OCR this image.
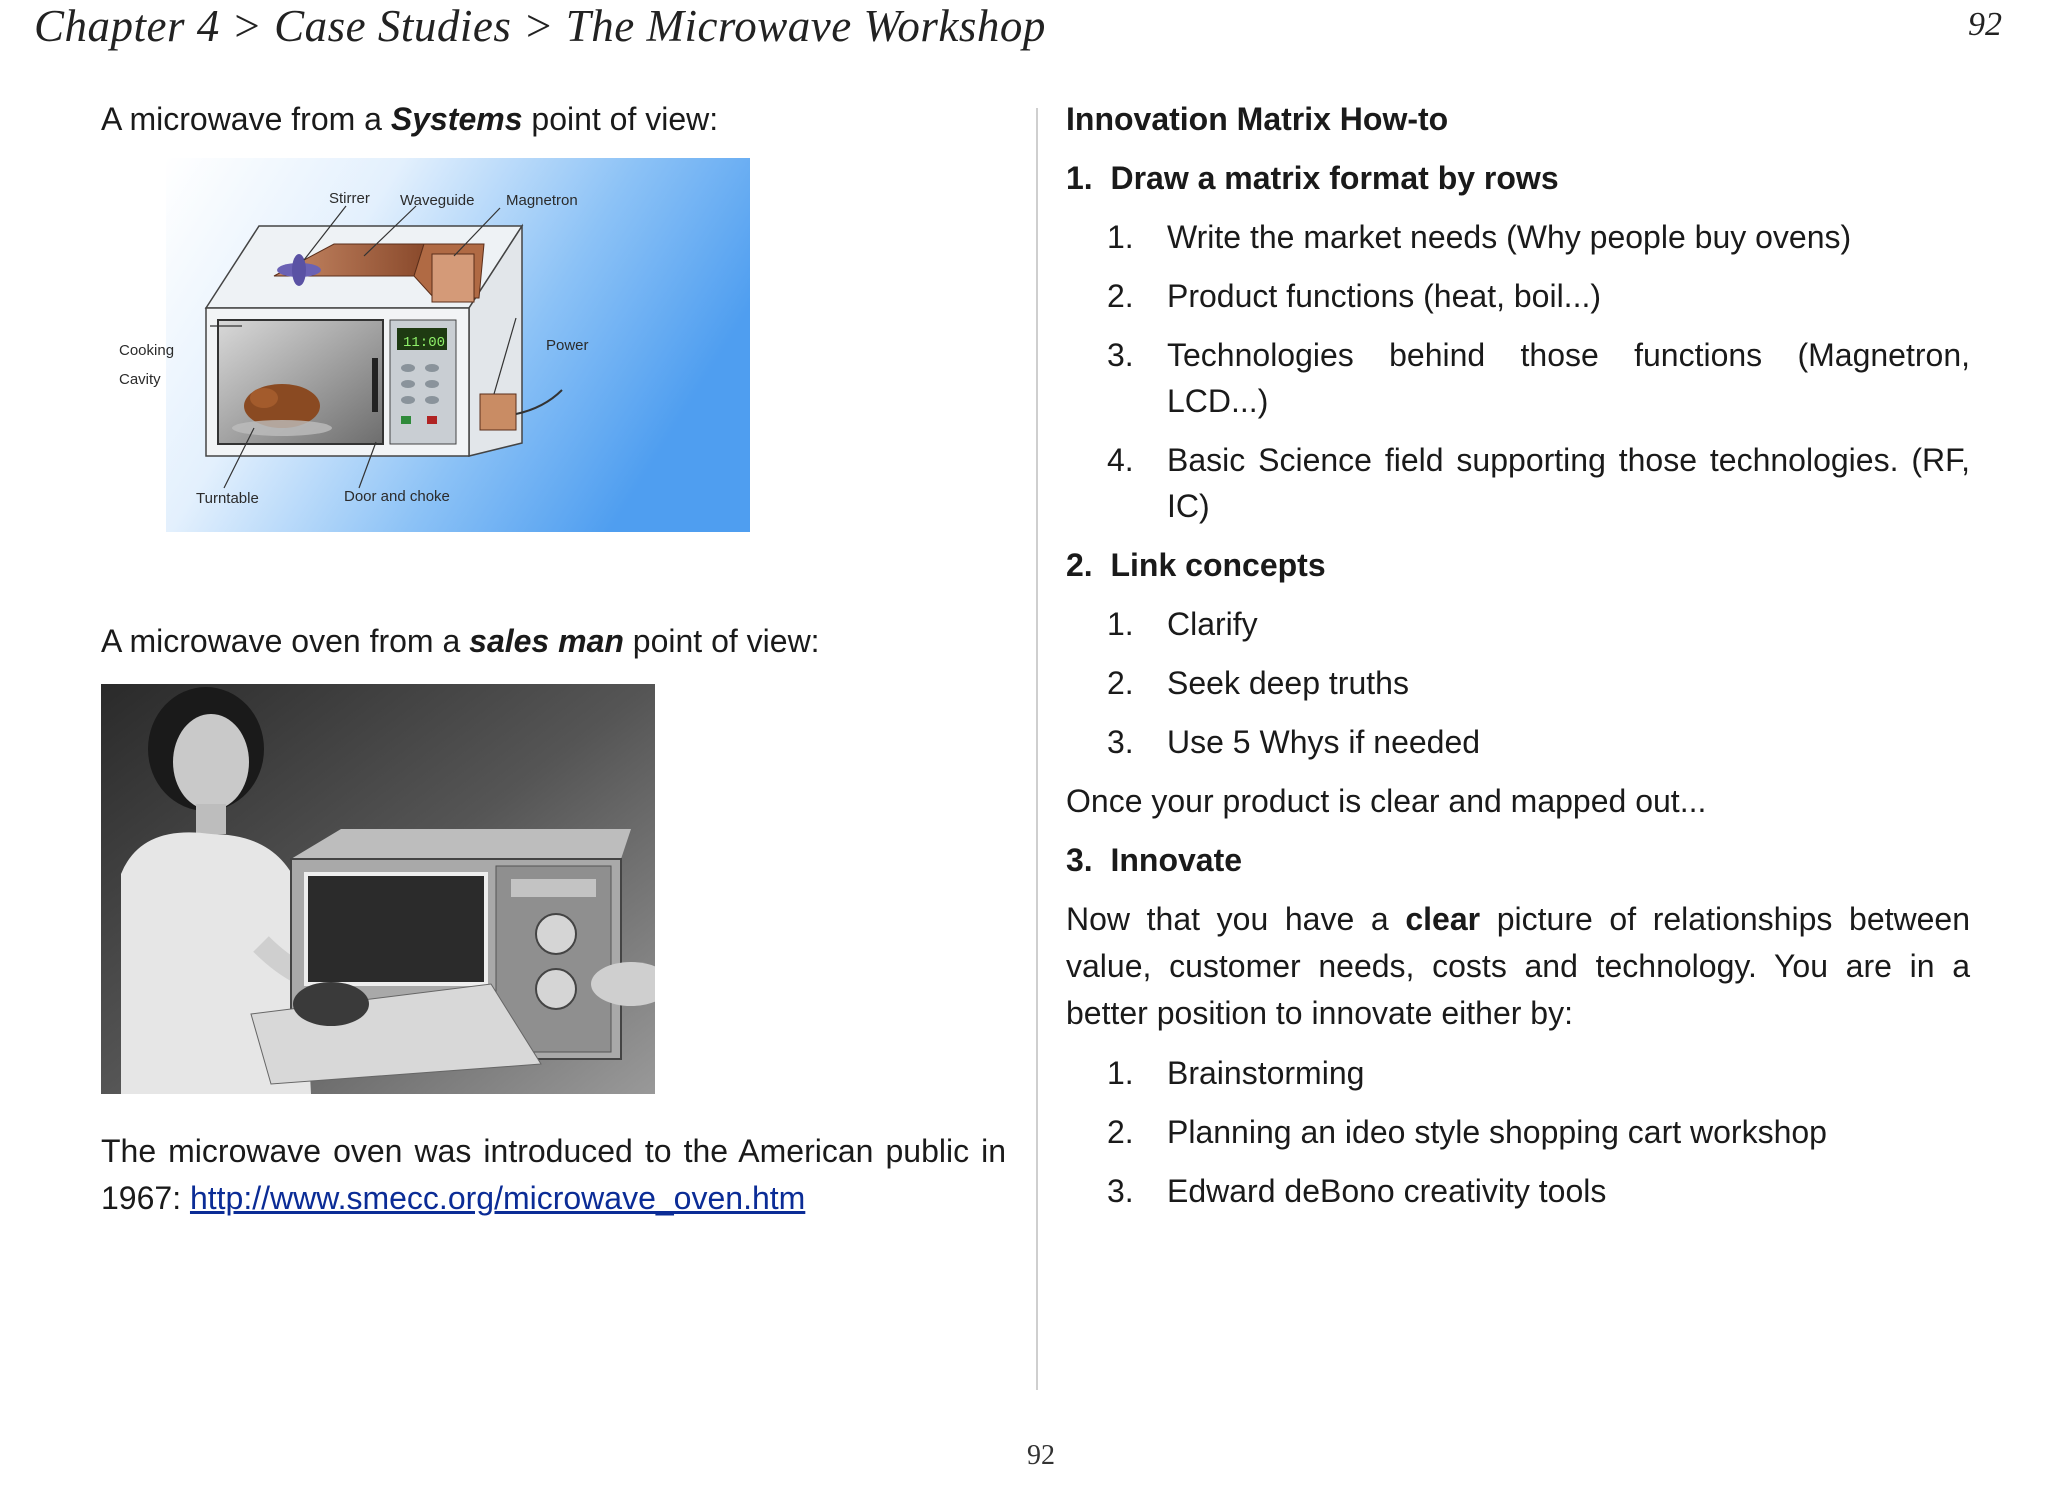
Chapter 4 > Case Studies > The Microwave Workshop	92
A microwave from a Systems point of view:
11:00
Stirrer Waveguide Magnetron
Cooking
Cavity
Power
Turntable	Door and choke
A microwave oven from a sales man point of view:
The microwave oven was introduced to the American public in 1967: http://www.smecc.org/microwave_oven.htm
Innovation Matrix How-to
1. Draw a matrix format by rows
1. Write the market needs (Why people buy ovens)
2. Product functions (heat, boil...)
3. Technologies behind those functions (Magnetron, LCD...)
4. Basic Science field supporting those technologies. (RF, IC)
2. Link concepts
1. Clarify
2. Seek deep truths
3. Use 5 Whys if needed
Once your product is clear and mapped out...
3. Innovate
Now that you have a clear picture of relationships between value, customer needs, costs and technology. You are in a better position to innovate either by:
1. Brainstorming
2. Planning an ideo style shopping cart workshop
3. Edward deBono creativity tools
92
